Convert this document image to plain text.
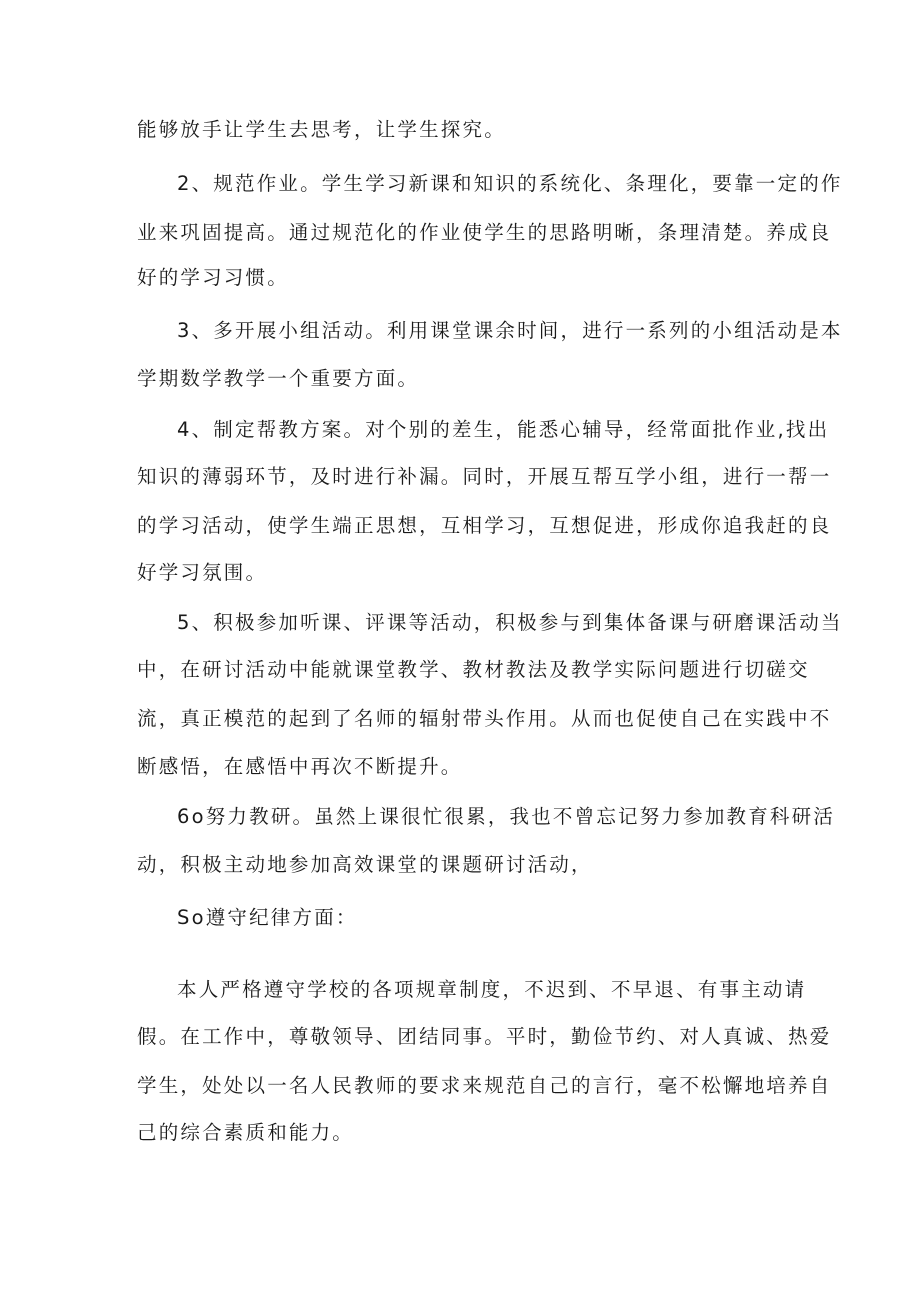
能够放手让学生去思考，让学生探究。
2、规范作业。学生学习新课和知识的系统化、条理化，要靠一定的作
业来巩固提高。通过规范化的作业使学生的思路明晰，条理清楚。养成良
好的学习习惯。
3、多开展小组活动。利用课堂课余时间，进行一系列的小组活动是本
学期数学教学一个重要方面。
4、制定帮教方案。对个别的差生，能悉心辅导，经常面批作业,找出
知识的薄弱环节，及时进行补漏。同时，开展互帮互学小组，进行一帮一
的学习活动，使学生端正思想，互相学习，互想促进，形成你追我赶的良
好学习氛围。
5、积极参加听课、评课等活动，积极参与到集体备课与研磨课活动当
中，在研讨活动中能就课堂教学、教材教法及教学实际问题进行切磋交
流，真正模范的起到了名师的辐射带头作用。从而也促使自己在实践中不
断感悟，在感悟中再次不断提升。
6o努力教研。虽然上课很忙很累，我也不曾忘记努力参加教育科研活
动，积极主动地参加高效课堂的课题研讨活动，
So遵守纪律方面：
本人严格遵守学校的各项规章制度，不迟到、不早退、有事主动请
假。在工作中，尊敬领导、团结同事。平时，勤俭节约、对人真诚、热爱
学生，处处以一名人民教师的要求来规范自己的言行，毫不松懈地培养自
己的综合素质和能力。
